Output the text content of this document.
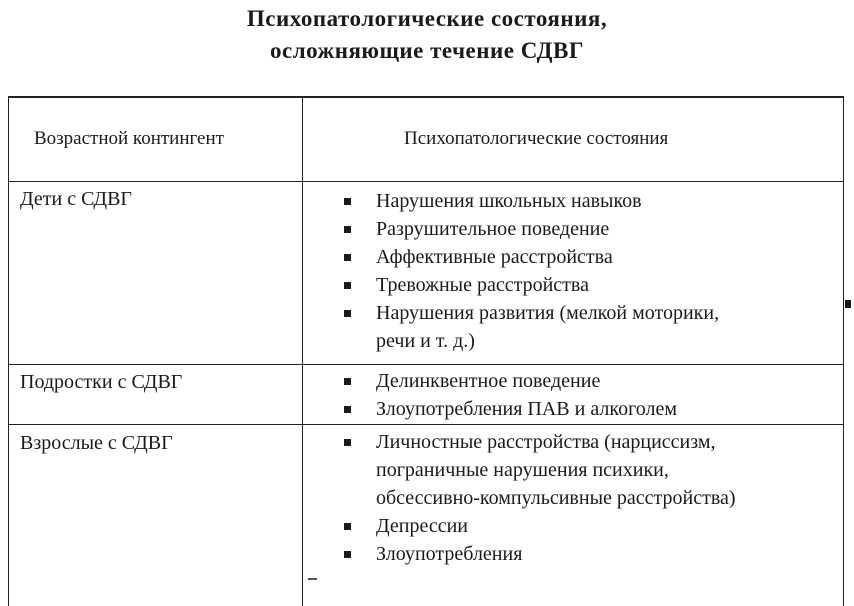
Психопатологические состояния,
осложняющие течение СДВГ
Возрастной контингент	Психопатологические состояния
Дети с СДВГ	Нарушения школьных навыков
Разрушительное поведение
Аффективные расстройства
Тревожные расстройства
Нарушения развития (мелкой моторики,
речи и т. д.)
Подростки с СДВГ	Делинквентное поведение
Злоупотребления ПАВ и алкоголем
Взрослые с СДВГ	Личностные расстройства (нарциссизм,
пограничные нарушения психики,
обсессивно-компульсивные расстройства)
Депрессии
Злоупотребления
